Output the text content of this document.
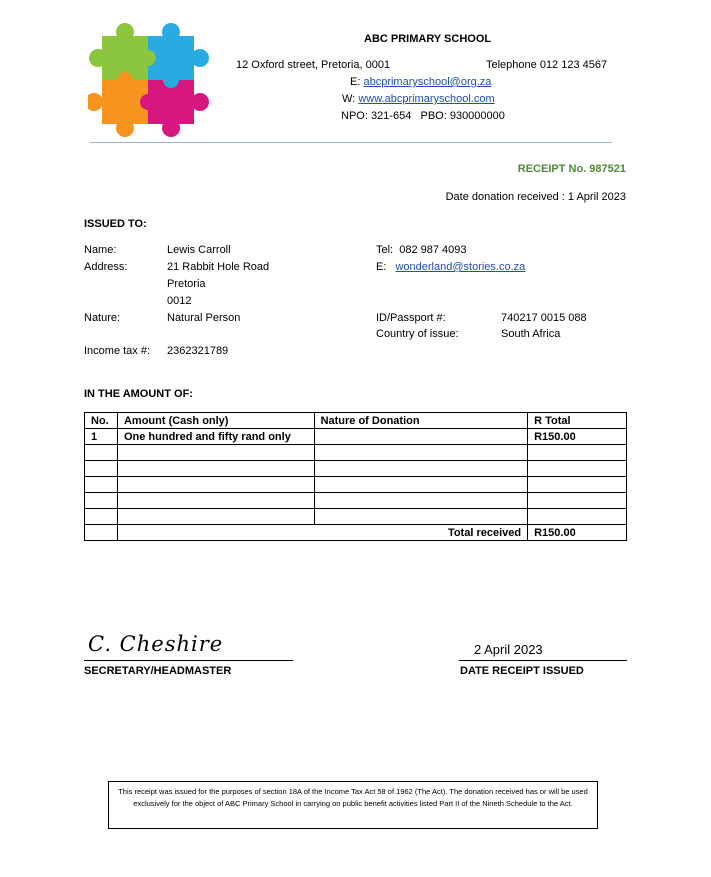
ABC PRIMARY SCHOOL
12 Oxford street, Pretoria, 0001	Telephone 012 123 4567
E: abcprimaryschool@org.za
W: www.abcprimaryschool.com
NPO: 321-654   PBO: 930000000
RECEIPT No. 987521
Date donation received : 1 April 2023
ISSUED TO:
Name:	Lewis Carroll
Address:	21 Rabbit Hole Road
Pretoria
0012
Nature:	Natural Person
Income tax #: 2362321789
Tel:  082 987 4093
E: wonderland@stories.co.za
ID/Passport #:	740217 0015 088
Country of issue:	South Africa
IN THE AMOUNT OF:
No.	Amount (Cash only)	Nature of Donation	R Total
1	One hundred and fifty rand only		R150.00

	Total received		R150.00
C. Cheshire
SECRETARY/HEADMASTER
2 April 2023
DATE RECEIPT ISSUED
This receipt was issued for the purposes of section 18A of the Income Tax Act 58 of 1962 (The Act). The donation received has or will be used exclusively for the object of ABC Primary School in carrying on public benefit activities listed Part II of the Nineth Schedule to the Act.
